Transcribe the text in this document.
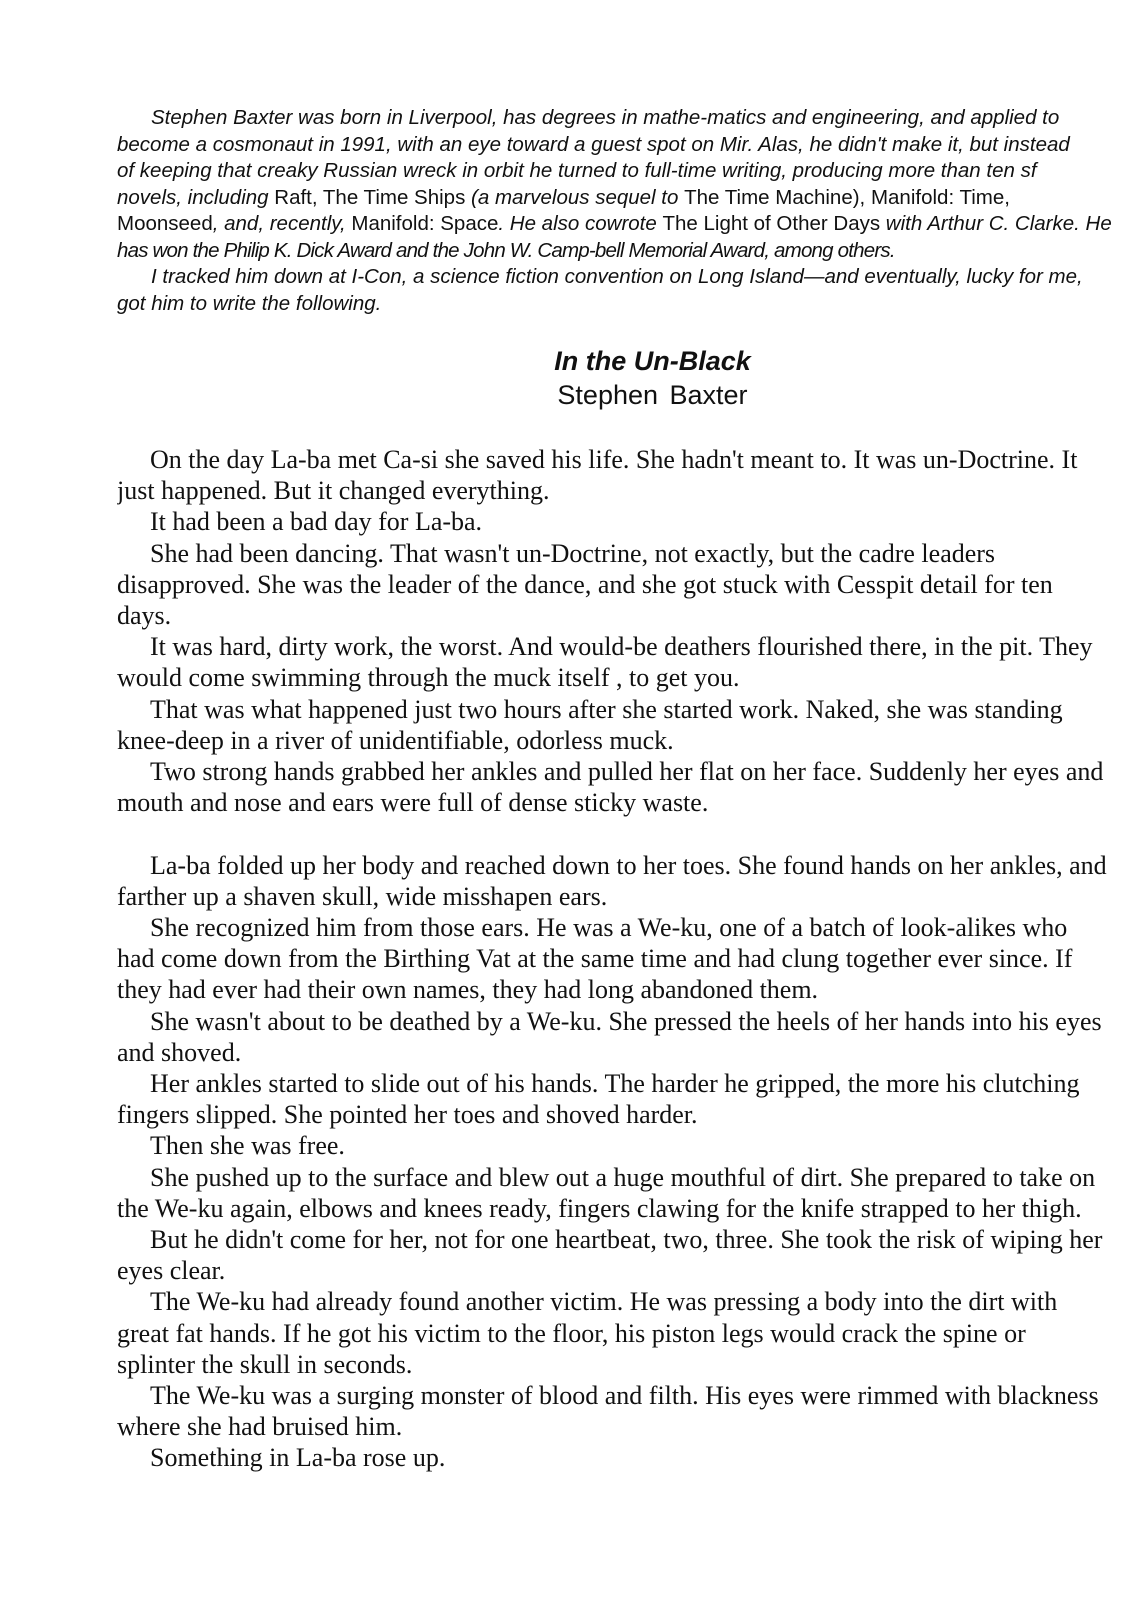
Stephen Baxter was born in Liverpool, has degrees in mathe-matics and engineering, and applied to
become a cosmonaut in 1991, with an eye toward a guest spot on Mir. Alas, he didn't make it, but instead
of keeping that creaky Russian wreck in orbit he turned to full-time writing, producing more than ten sf
novels, including Raft, The Time Ships (a marvelous sequel to The Time Machine), Manifold: Time,
Moonseed, and, recently, Manifold: Space. He also cowrote The Light of Other Days with Arthur C. Clarke. He
has won the Philip K. Dick Award and the John W. Camp-bell Memorial Award, among others.
I tracked him down at I-Con, a science fiction convention on Long Island—and eventually, lucky for me,
got him to write the following.
In the Un-Black
Stephen Baxter
On the day La-ba met Ca-si she saved his life. She hadn't meant to. It was un-Doctrine. It
just happened. But it changed everything.
It had been a bad day for La-ba.
She had been dancing. That wasn't un-Doctrine, not exactly, but the cadre leaders
disapproved. She was the leader of the dance, and she got stuck with Cesspit detail for ten
days.
It was hard, dirty work, the worst. And would-be deathers flourished there, in the pit. They
would come swimming through the muck itself , to get you.
That was what happened just two hours after she started work. Naked, she was standing
knee-deep in a river of unidentifiable, odorless muck.
Two strong hands grabbed her ankles and pulled her flat on her face. Suddenly her eyes and
mouth and nose and ears were full of dense sticky waste.
La-ba folded up her body and reached down to her toes. She found hands on her ankles, and
farther up a shaven skull, wide misshapen ears.
She recognized him from those ears. He was a We-ku, one of a batch of look-alikes who
had come down from the Birthing Vat at the same time and had clung together ever since. If
they had ever had their own names, they had long abandoned them.
She wasn't about to be deathed by a We-ku. She pressed the heels of her hands into his eyes
and shoved.
Her ankles started to slide out of his hands. The harder he gripped, the more his clutching
fingers slipped. She pointed her toes and shoved harder.
Then she was free.
She pushed up to the surface and blew out a huge mouthful of dirt. She prepared to take on
the We-ku again, elbows and knees ready, fingers clawing for the knife strapped to her thigh.
But he didn't come for her, not for one heartbeat, two, three. She took the risk of wiping her
eyes clear.
The We-ku had already found another victim. He was pressing a body into the dirt with
great fat hands. If he got his victim to the floor, his piston legs would crack the spine or
splinter the skull in seconds.
The We-ku was a surging monster of blood and filth. His eyes were rimmed with blackness
where she had bruised him.
Something in La-ba rose up.
